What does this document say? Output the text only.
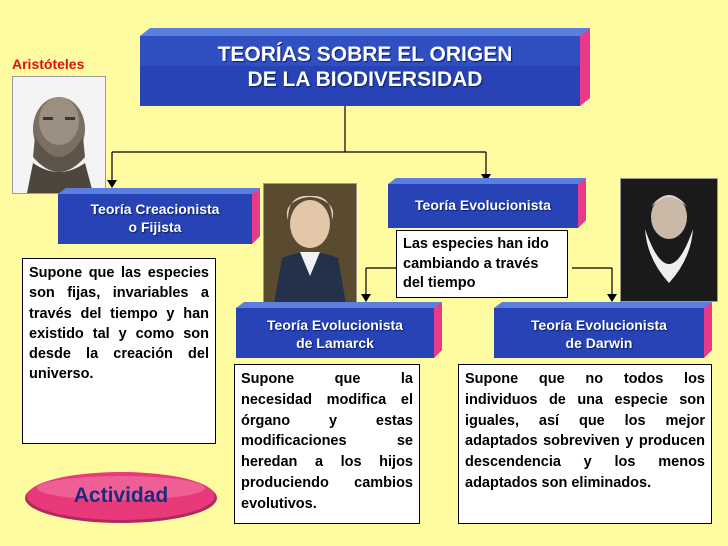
TEORÍAS SOBRE EL ORIGEN
DE LA BIODIVERSIDAD
Aristóteles
Teoría Creacionista
o Fijista
Supone que las especies son fijas, invariables a través del tiempo y han existido tal y como son desde la creación del universo.
Teoría Evolucionista
Las especies han ido cambiando a través del tiempo
Teoría Evolucionista
de Lamarck
Teoría Evolucionista
de Darwin
Supone que la necesidad modifica el órgano y estas modificaciones se heredan a los hijos produciendo cambios evolutivos.
Supone que no todos los individuos de una especie son iguales, así que los mejor adaptados sobreviven y producen descendencia y los menos adaptados son eliminados.
Actividad
